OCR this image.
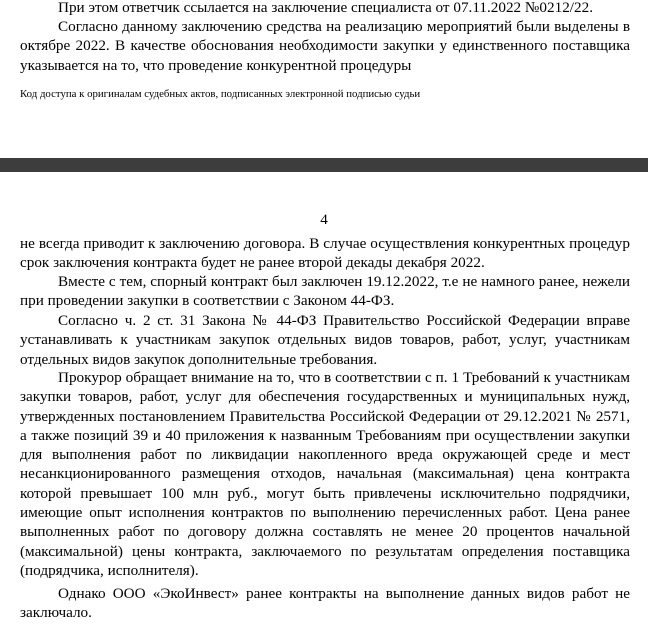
При этом ответчик ссылается на заключение специалиста от 07.11.2022 №0212/22.

Согласно данному заключению средства на реализацию мероприятий были выделены в октябре 2022. В качестве обоснования необходимости закупки у единственного поставщика указывается на то, что проведение конкурентной процедуры

Код доступа к оригиналам судебных актов, подписанных электронной подписью судьи

4

не всегда приводит к заключению договора. В случае осуществления конкурентных процедур срок заключения контракта будет не ранее второй декады декабря 2022.

Вместе с тем, спорный контракт был заключен 19.12.2022, т.е не намного ранее, нежели при проведении закупки в соответствии с Законом 44-ФЗ.

Согласно ч. 2 ст. 31 Закона № 44-ФЗ Правительство Российской Федерации вправе устанавливать к участникам закупок отдельных видов товаров, работ, услуг, участникам отдельных видов закупок дополнительные требования.

Прокурор обращает внимание на то, что в соответствии с п. 1 Требований к участникам закупки товаров, работ, услуг для обеспечения государственных и муниципальных нужд, утвержденных постановлением Правительства Российской Федерации от 29.12.2021 № 2571, а также позиций 39 и 40 приложения к названным Требованиям при осуществлении закупки для выполнения работ по ликвидации накопленного вреда окружающей среде и мест несанкционированного размещения отходов, начальная (максимальная) цена контракта которой превышает 100 млн руб., могут быть привлечены исключительно подрядчики, имеющие опыт исполнения контрактов по выполнению перечисленных работ. Цена ранее выполненных работ по договору должна составлять не менее 20 процентов начальной (максимальной) цены контракта, заключаемого по результатам определения поставщика (подрядчика, исполнителя).

Однако ООО «ЭкоИнвест» ранее контракты на выполнение данных видов работ не заключало.
